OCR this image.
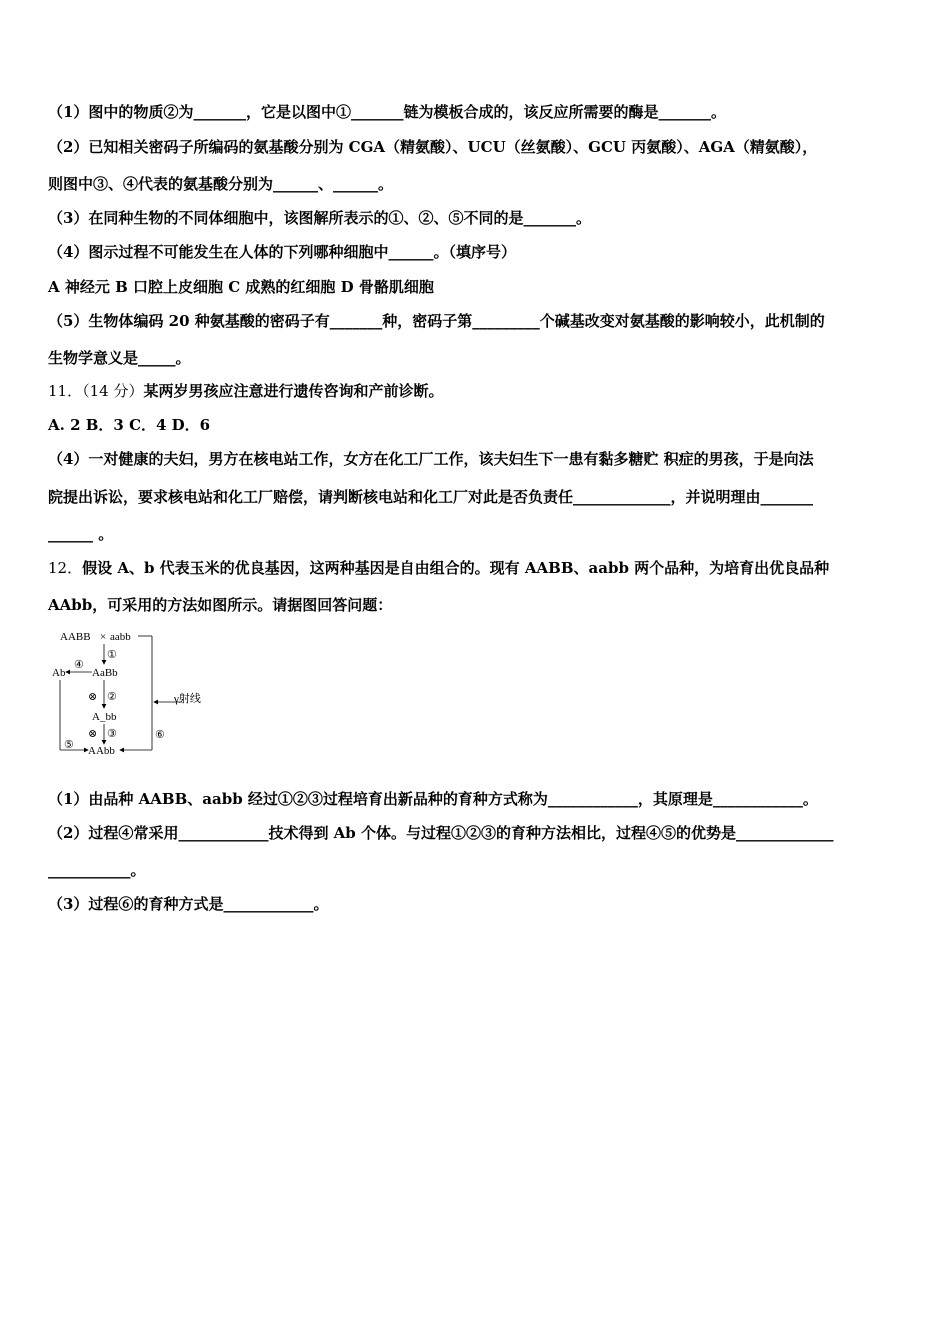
（1）图中的物质②为_______，它是以图中①_______链为模板合成的，该反应所需要的酶是_______。
（2）已知相关密码子所编码的氨基酸分别为 CGA（精氨酸）、UCU（丝氨酸）、GCU 丙氨酸）、AGA（精氨酸），
则图中③、④代表的氨基酸分别为______、______。
（3）在同种生物的不同体细胞中，该图解所表示的①、②、⑤不同的是_______。
（4）图示过程不可能发生在人体的下列哪种细胞中______。（填序号）
A 神经元 B 口腔上皮细胞 C 成熟的红细胞 D 骨骼肌细胞
（5）生物体编码 20 种氨基酸的密码子有_______种，密码子第_________个碱基改变对氨基酸的影响较小，此机制的
生物学意义是_____。
11．（14 分）某两岁男孩应注意进行遗传咨询和产前诊断。
A. 2 B．3 C．4 D．6
（4）一对健康的夫妇，男方在核电站工作，女方在化工厂工作，该夫妇生下一患有黏多糖贮 积症的男孩，于是向法
院提出诉讼，要求核电站和化工厂赔偿，请判断核电站和化工厂对此是否负责任_____________，并说明理由_______
______ 。
12．假设 A、b 代表玉米的优良基因，这两种基因是自由组合的。现有 AABB、aabb 两个品种，为培育出优良品种
AAbb，可采用的方法如图所示。请据图回答问题：
AABB × aabb
⑥
γ射线
①
AaBb
④
Ab
⑤
⊗ ②
A_bb
⊗ ③
AAbb
（1）由品种 AABB、aabb 经过①②③过程培育出新品种的育种方式称为____________，其原理是____________。
（2）过程④常采用____________技术得到 Ab 个体。与过程①②③的育种方法相比，过程④⑤的优势是_____________
___________。
（3）过程⑥的育种方式是____________。
